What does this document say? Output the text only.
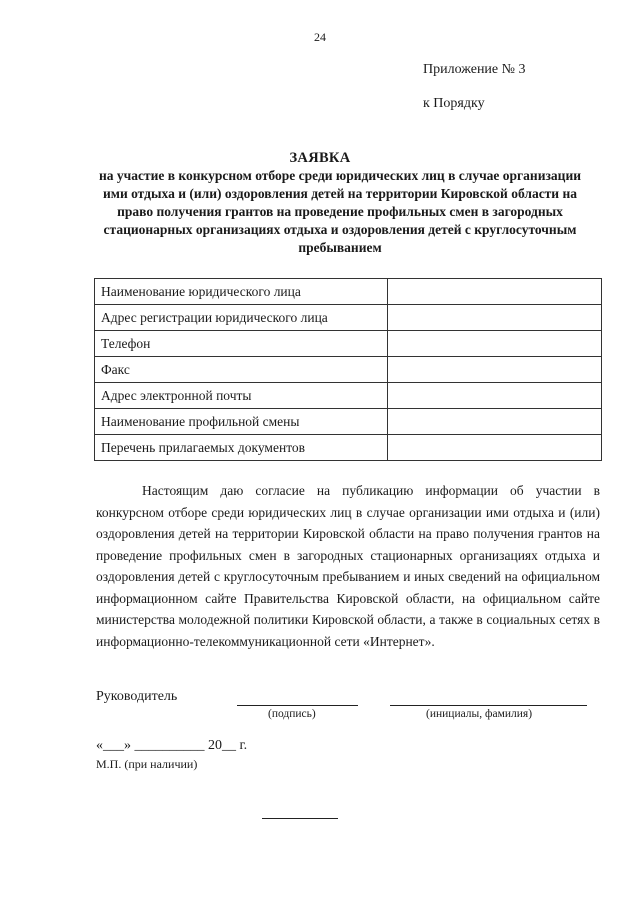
24
Приложение № 3
к Порядку
ЗАЯВКА
на участие в конкурсном отборе среди юридических лиц в случае организации ими отдыха и (или) оздоровления детей на территории Кировской области на право получения грантов на проведение профильных смен в загородных стационарных организациях отдыха и оздоровления детей с круглосуточным пребыванием
Наименование юридического лица	
Адрес регистрации юридического лица	
Телефон	
Факс	
Адрес электронной почты	
Наименование профильной смены	
Перечень прилагаемых документов	
Настоящим даю согласие на публикацию информации об участии в конкурсном отборе среди юридических лиц в случае организации ими отдыха и (или) оздоровления детей на территории Кировской области на право получения грантов на проведение профильных смен в загородных стационарных организациях отдыха и оздоровления детей с круглосуточным пребыванием и иных сведений на официальном информационном сайте Правительства Кировской области, на официальном сайте министерства молодежной политики Кировской области, а также в социальных сетях в информационно-телекоммуникационной сети «Интернет».
Руководитель
(подпись)	(инициалы, фамилия)
«___» __________ 20__ г.
М.П. (при наличии)
